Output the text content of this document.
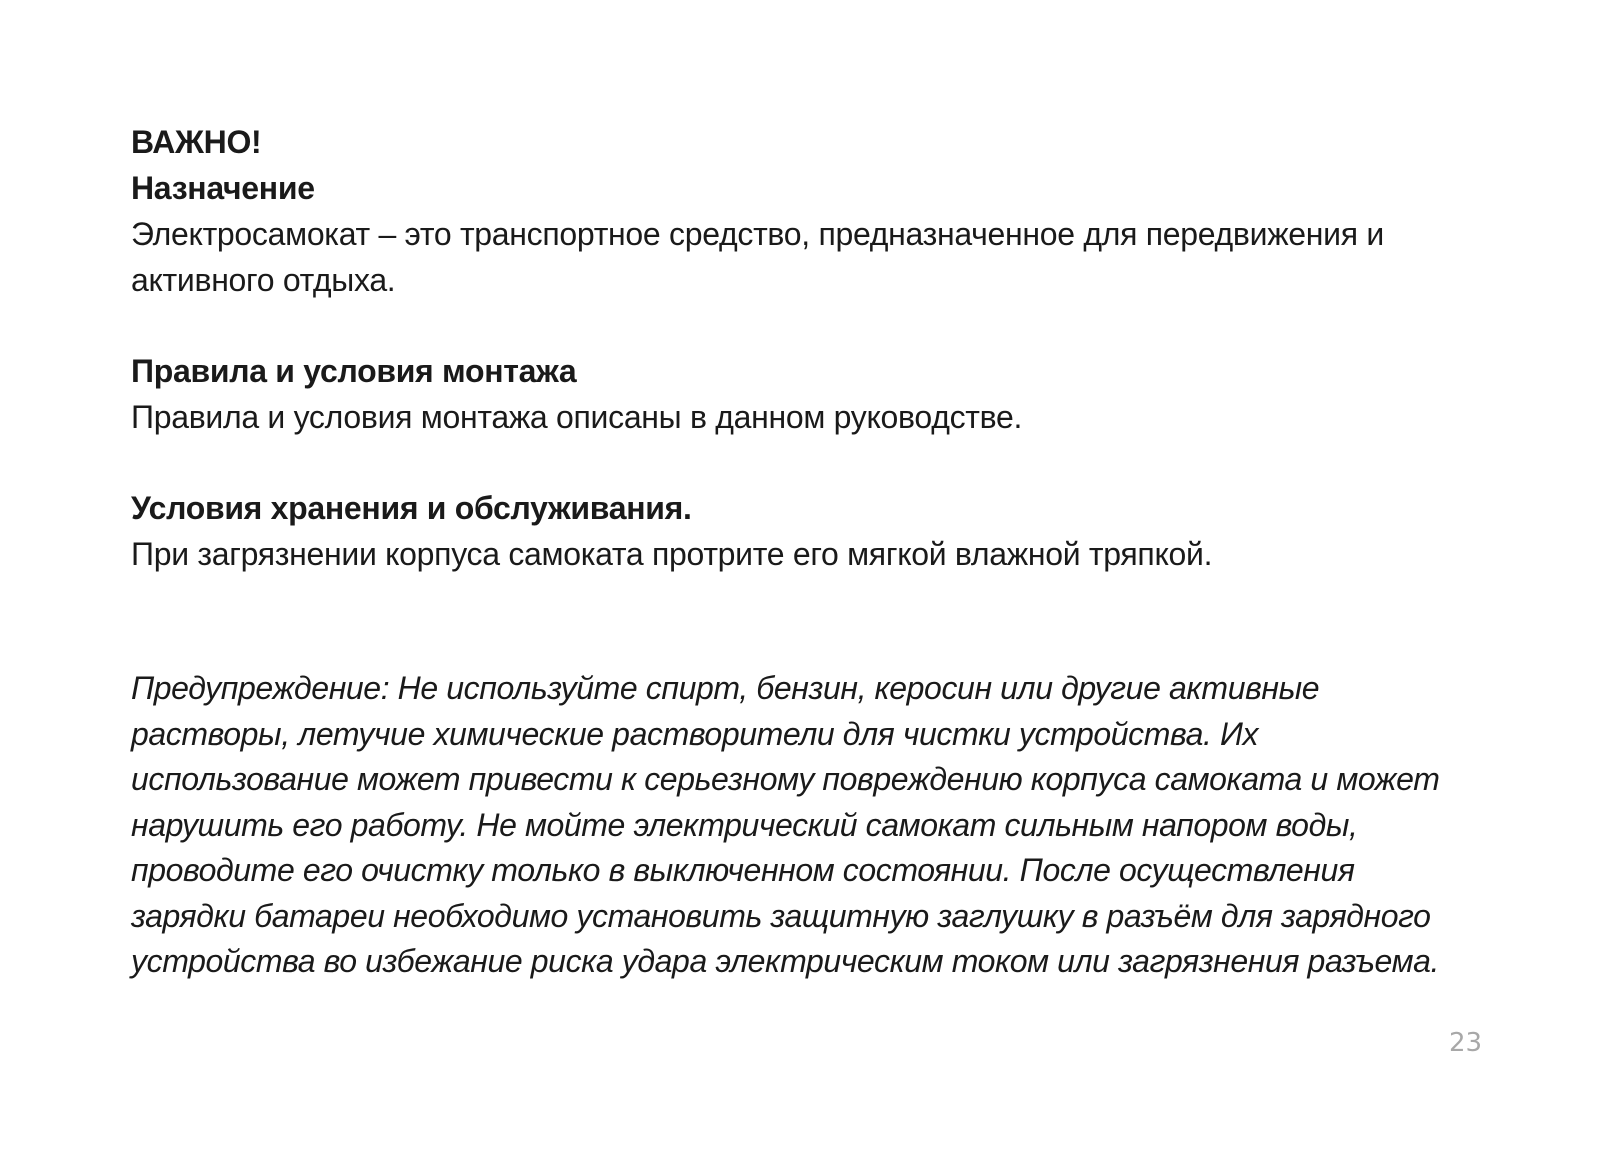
ВАЖНО!

Назначение

Электросамокат – это транспортное средство, предназначенное для передвижения и активного отдыха.

Правила и условия монтажа

Правила и условия монтажа описаны в данном руководстве.

Условия хранения и обслуживания.

При загрязнении корпуса самоката протрите его мягкой влажной тряпкой.

Предупреждение: Не используйте спирт, бензин, керосин или другие активные растворы, летучие химические растворители для чистки устройства. Их использование может привести к серьезному повреждению корпуса самоката и может нарушить его работу. Не мойте электрический самокат сильным напором воды, проводите его очистку только в выключенном состоянии. После осуществления зарядки батареи необходимо установить защитную заглушку в разъём для зарядного устройства во избежание риска удара электрическим током или загрязнения разъема.

23
